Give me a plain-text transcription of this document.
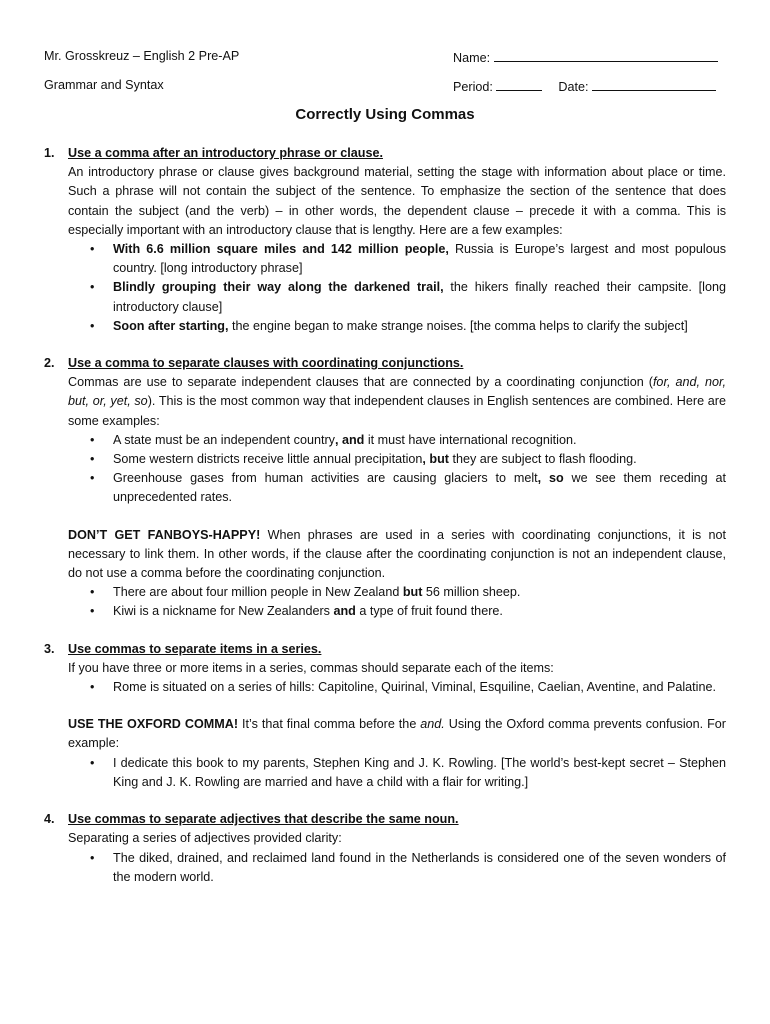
Mr. Grosskreuz – English 2 Pre-AP
Grammar and Syntax
Name:
Period:	Date:
Correctly Using Commas
1. Use a comma after an introductory phrase or clause.
An introductory phrase or clause gives background material, setting the stage with information about place or time. Such a phrase will not contain the subject of the sentence. To emphasize the section of the sentence that does contain the subject (and the verb) – in other words, the dependent clause – precede it with a comma. This is especially important with an introductory clause that is lengthy. Here are a few examples:
• With 6.6 million square miles and 142 million people, Russia is Europe’s largest and most populous country. [long introductory phrase]
• Blindly grouping their way along the darkened trail, the hikers finally reached their campsite. [long introductory clause]
• Soon after starting, the engine began to make strange noises. [the comma helps to clarify the subject]
2. Use a comma to separate clauses with coordinating conjunctions.
Commas are use to separate independent clauses that are connected by a coordinating conjunction (for, and, nor, but, or, yet, so). This is the most common way that independent clauses in English sentences are combined. Here are some examples:
• A state must be an independent country, and it must have international recognition.
• Some western districts receive little annual precipitation, but they are subject to flash flooding.
• Greenhouse gases from human activities are causing glaciers to melt, so we see them receding at unprecedented rates.
DON’T GET FANBOYS-HAPPY! When phrases are used in a series with coordinating conjunctions, it is not necessary to link them. In other words, if the clause after the coordinating conjunction is not an independent clause, do not use a comma before the coordinating conjunction.
• There are about four million people in New Zealand but 56 million sheep.
• Kiwi is a nickname for New Zealanders and a type of fruit found there.
3. Use commas to separate items in a series.
If you have three or more items in a series, commas should separate each of the items:
• Rome is situated on a series of hills: Capitoline, Quirinal, Viminal, Esquiline, Caelian, Aventine, and Palatine.
USE THE OXFORD COMMA! It’s that final comma before the and. Using the Oxford comma prevents confusion. For example:
• I dedicate this book to my parents, Stephen King and J. K. Rowling. [The world’s best-kept secret – Stephen King and J. K. Rowling are married and have a child with a flair for writing.]
4. Use commas to separate adjectives that describe the same noun.
Separating a series of adjectives provided clarity:
• The diked, drained, and reclaimed land found in the Netherlands is considered one of the seven wonders of the modern world.
